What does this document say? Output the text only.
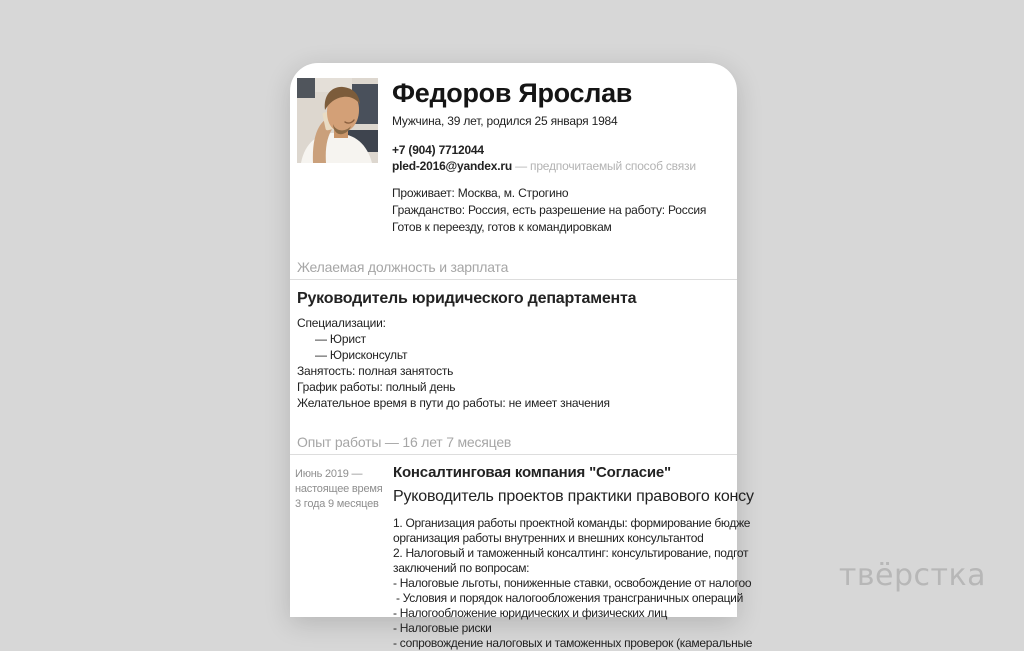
Федоров Ярослав
Мужчина, 39 лет, родился 25 января 1984
+7 (904) 7712044
pled-2016@yandex.ru — предпочитаемый способ связи
Проживает: Москва, м. Строгино
Гражданство: Россия, есть разрешение на работу: Россия
Готов к переезду, готов к командировкам
Желаемая должность и зарплата
Руководитель юридического департамента
Специализации:
— Юрист
— Юрисконсульт
Занятость: полная занятость
График работы: полный день
Желательное время в пути до работы: не имеет значения
Опыт работы — 16 лет 7 месяцев
Июнь 2019 —
настоящее время
3 года 9 месяцев
Консалтинговая компания "Согласие"
Руководитель проектов практики правового консу
1. Организация работы проектной команды: формирование бюдже
организация работы внутренних и внешних консультантоd
2. Налоговый и таможенный консалтинг: консультирование, подгот
заключений по вопросам:
- Налоговые льготы, пониженные ставки, освобождение от налогоо
- Условия и порядок налогообложения трансграничных операций
- Налогообложение юридических и физических лиц
- Налоговые риски
- сопровождение налоговых и таможенных проверок (камеральные
твёрстка
